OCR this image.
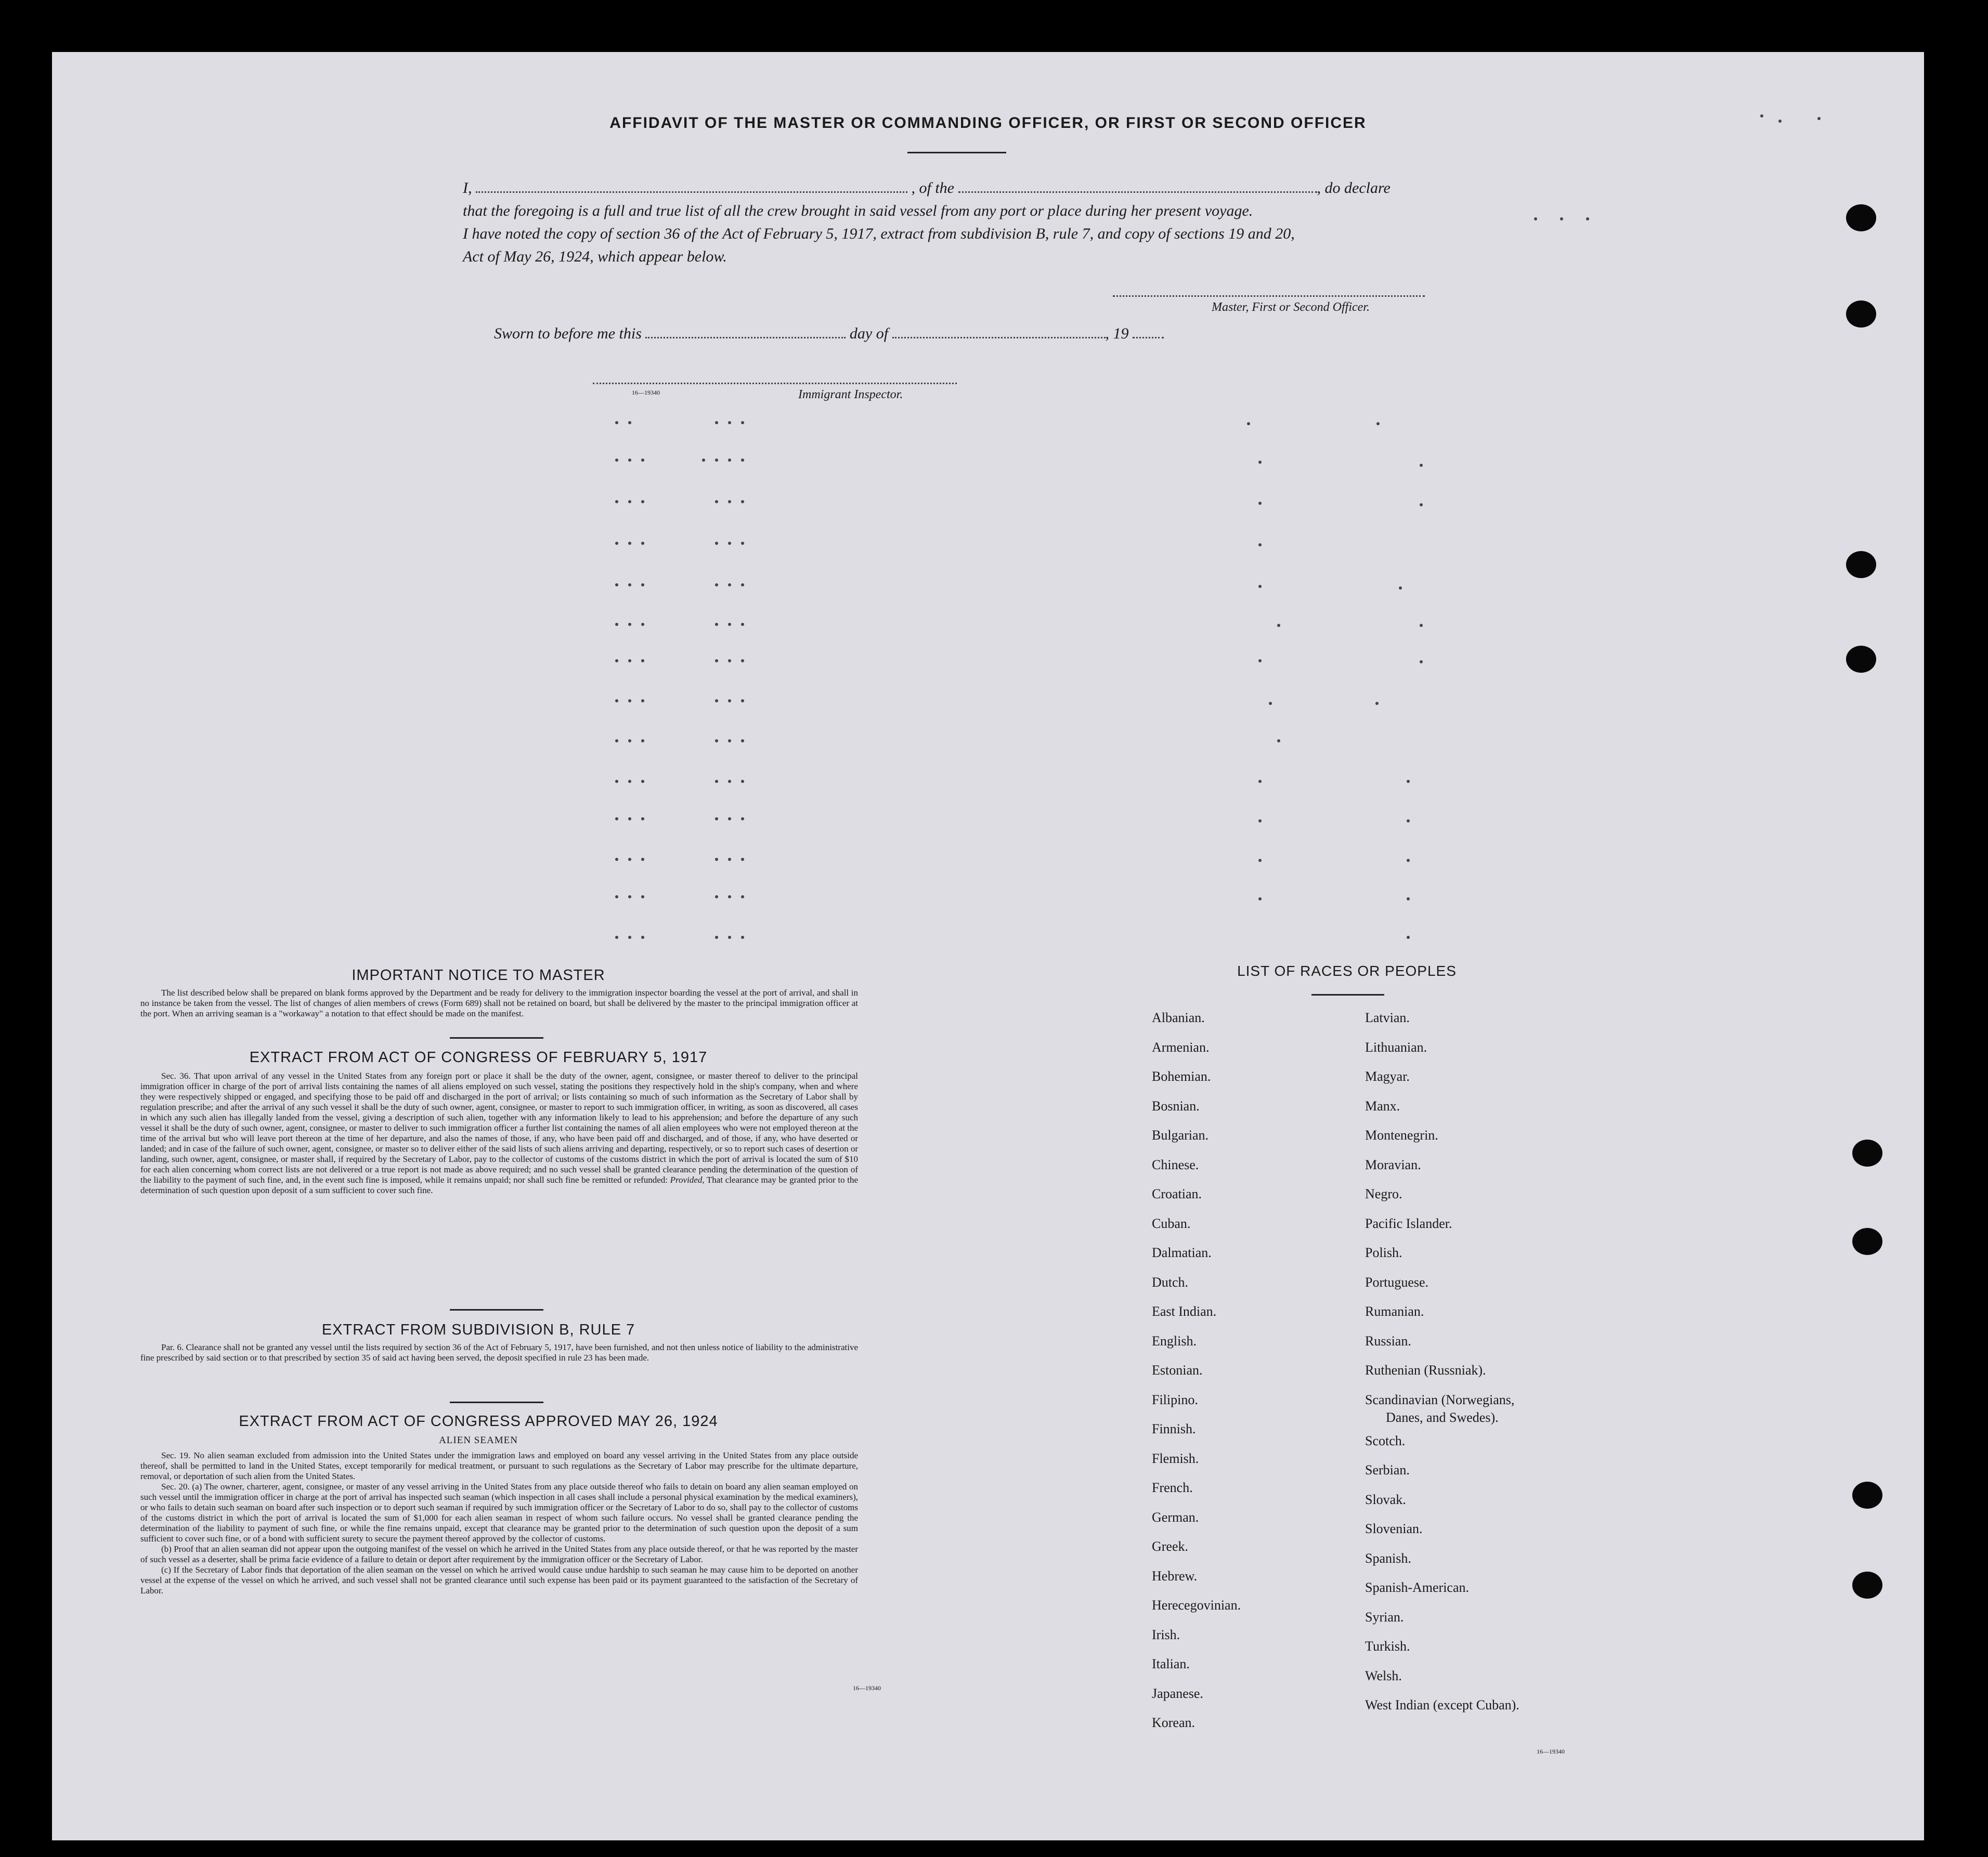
AFFIDAVIT OF THE MASTER OR COMMANDING OFFICER, OR FIRST OR SECOND OFFICER
I,	, of the	, do declare
that the foregoing is a full and true list of all the crew brought in said vessel from any port or place during her present voyage.
I have noted the copy of section 36 of the Act of February 5, 1917, extract from subdivision B, rule 7, and copy of sections 19 and 20,
Act of May 26, 1924, which appear below.
Master, First or Second Officer.
Sworn to before me this	day of	, 19
16—19340	Immigrant Inspector.
IMPORTANT NOTICE TO MASTER

The list described below shall be prepared on blank forms approved by the Department and be ready for delivery to the immigration inspector boarding the vessel at the port of arrival, and shall in no instance be taken from the vessel. The list of changes of alien members of crews (Form 689) shall not be retained on board, but shall be delivered by the master to the principal immigration officer at the port. When an arriving seaman is a "workaway" a notation to that effect should be made on the manifest.

EXTRACT FROM ACT OF CONGRESS OF FEBRUARY 5, 1917

Sec. 36. That upon arrival of any vessel in the United States from any foreign port or place it shall be the duty of the owner, agent, consignee, or master thereof to deliver to the principal immigration officer in charge of the port of arrival lists containing the names of all aliens employed on such vessel, stating the positions they respectively hold in the ship's company, when and where they were respectively shipped or engaged, and specifying those to be paid off and discharged in the port of arrival; or lists containing so much of such information as the Secretary of Labor shall by regulation prescribe; and after the arrival of any such vessel it shall be the duty of such owner, agent, consignee, or master to report to such immigration officer, in writing, as soon as discovered, all cases in which any such alien has illegally landed from the vessel, giving a description of such alien, together with any information likely to lead to his apprehension; and before the departure of any such vessel it shall be the duty of such owner, agent, consignee, or master to deliver to such immigration officer a further list containing the names of all alien employees who were not employed thereon at the time of the arrival but who will leave port thereon at the time of her departure, and also the names of those, if any, who have been paid off and discharged, and of those, if any, who have deserted or landed; and in case of the failure of such owner, agent, consignee, or master so to deliver either of the said lists of such aliens arriving and departing, respectively, or so to report such cases of desertion or landing, such owner, agent, consignee, or master shall, if required by the Secretary of Labor, pay to the collector of customs of the customs district in which the port of arrival is located the sum of $10 for each alien concerning whom correct lists are not delivered or a true report is not made as above required; and no such vessel shall be granted clearance pending the determination of the question of the liability to the payment of such fine, and, in the event such fine is imposed, while it remains unpaid; nor shall such fine be remitted or refunded: Provided, That clearance may be granted prior to the determination of such question upon deposit of a sum sufficient to cover such fine.

EXTRACT FROM SUBDIVISION B, RULE 7

Par. 6. Clearance shall not be granted any vessel until the lists required by section 36 of the Act of February 5, 1917, have been furnished, and not then unless notice of liability to the administrative fine prescribed by said section or to that prescribed by section 35 of said act having been served, the deposit specified in rule 23 has been made.

EXTRACT FROM ACT OF CONGRESS APPROVED MAY 26, 1924
ALIEN SEAMEN

Sec. 19. No alien seaman excluded from admission into the United States under the immigration laws and employed on board any vessel arriving in the United States from any place outside thereof, shall be permitted to land in the United States, except temporarily for medical treatment, or pursuant to such regulations as the Secretary of Labor may prescribe for the ultimate departure, removal, or deportation of such alien from the United States.

Sec. 20. (a) The owner, charterer, agent, consignee, or master of any vessel arriving in the United States from any place outside thereof who fails to detain on board any alien seaman employed on such vessel until the immigration officer in charge at the port of arrival has inspected such seaman (which inspection in all cases shall include a personal physical examination by the medical examiners), or who fails to detain such seaman on board after such inspection or to deport such seaman if required by such immigration officer or the Secretary of Labor to do so, shall pay to the collector of customs of the customs district in which the port of arrival is located the sum of $1,000 for each alien seaman in respect of whom such failure occurs. No vessel shall be granted clearance pending the determination of the liability to payment of such fine, or while the fine remains unpaid, except that clearance may be granted prior to the determination of such question upon the deposit of a sum sufficient to cover such fine, or of a bond with sufficient surety to secure the payment thereof approved by the collector of customs.

(b) Proof that an alien seaman did not appear upon the outgoing manifest of the vessel on which he arrived in the United States from any place outside thereof, or that he was reported by the master of such vessel as a deserter, shall be prima facie evidence of a failure to detain or deport after requirement by the immigration officer or the Secretary of Labor.

(c) If the Secretary of Labor finds that deportation of the alien seaman on the vessel on which he arrived would cause undue hardship to such seaman he may cause him to be deported on another vessel at the expense of the vessel on which he arrived, and such vessel shall not be granted clearance until such expense has been paid or its payment guaranteed to the satisfaction of the Secretary of Labor.

16—19340
LIST OF RACES OR PEOPLES
Albanian.
Armenian.
Bohemian.
Bosnian.
Bulgarian.
Chinese.
Croatian.
Cuban.
Dalmatian.
Dutch.
East Indian.
English.
Estonian.
Filipino.
Finnish.
Flemish.
French.
German.
Greek.
Hebrew.
Herecegovinian.
Irish.
Italian.
Japanese.
Korean.
Latvian.
Lithuanian.
Magyar.
Manx.
Montenegrin.
Moravian.
Negro.
Pacific Islander.
Polish.
Portuguese.
Rumanian.
Russian.
Ruthenian (Russniak).
Scandinavian (Norwegians,
Danes, and Swedes).
Scotch.
Serbian.
Slovak.
Slovenian.
Spanish.
Spanish-American.
Syrian.
Turkish.
Welsh.
West Indian (except Cuban).
16—19340
